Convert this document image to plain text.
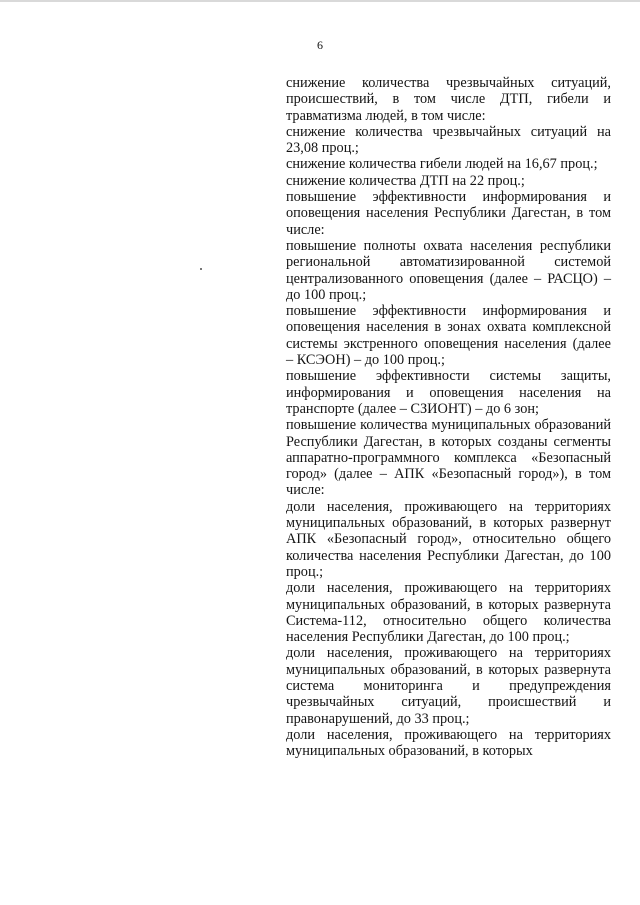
6

снижение количества чрезвычайных ситуаций, происшествий, в том числе ДТП, гибели и травматизма людей, в том числе:

снижение количества чрезвычайных ситуаций на 23,08 проц.;

снижение количества гибели людей на 16,67 проц.;

снижение количества ДТП на 22 проц.;

повышение эффективности информирования и оповещения населения Республики Дагестан, в том числе:

повышение полноты охвата населения республики региональной автоматизированной системой централизованного оповещения (далее – РАСЦО) – до 100 проц.;

повышение эффективности информирования и оповещения населения в зонах охвата комплексной системы экстренного оповещения населения (далее – КСЭОН) – до 100 проц.;

повышение эффективности системы защиты, информирования и оповещения населения на транспорте (далее – СЗИОНТ) – до 6 зон;

повышение количества муниципальных образований Республики Дагестан, в которых созданы сегменты аппаратно-программного комплекса «Безопасный город» (далее – АПК «Безопасный город»), в том числе:

доли населения, проживающего на территориях муниципальных образований, в которых развернут АПК «Безопасный город», относительно общего количества населения Республики Дагестан, до 100 проц.;

доли населения, проживающего на территориях муниципальных образований, в которых развернута Система-112, относительно общего количества населения Республики Дагестан, до 100 проц.;

доли населения, проживающего на территориях муниципальных образований, в которых развернута система мониторинга и предупреждения чрезвычайных ситуаций, происшествий и правонарушений, до 33 проц.;

доли населения, проживающего на территориях муниципальных образований, в которых
